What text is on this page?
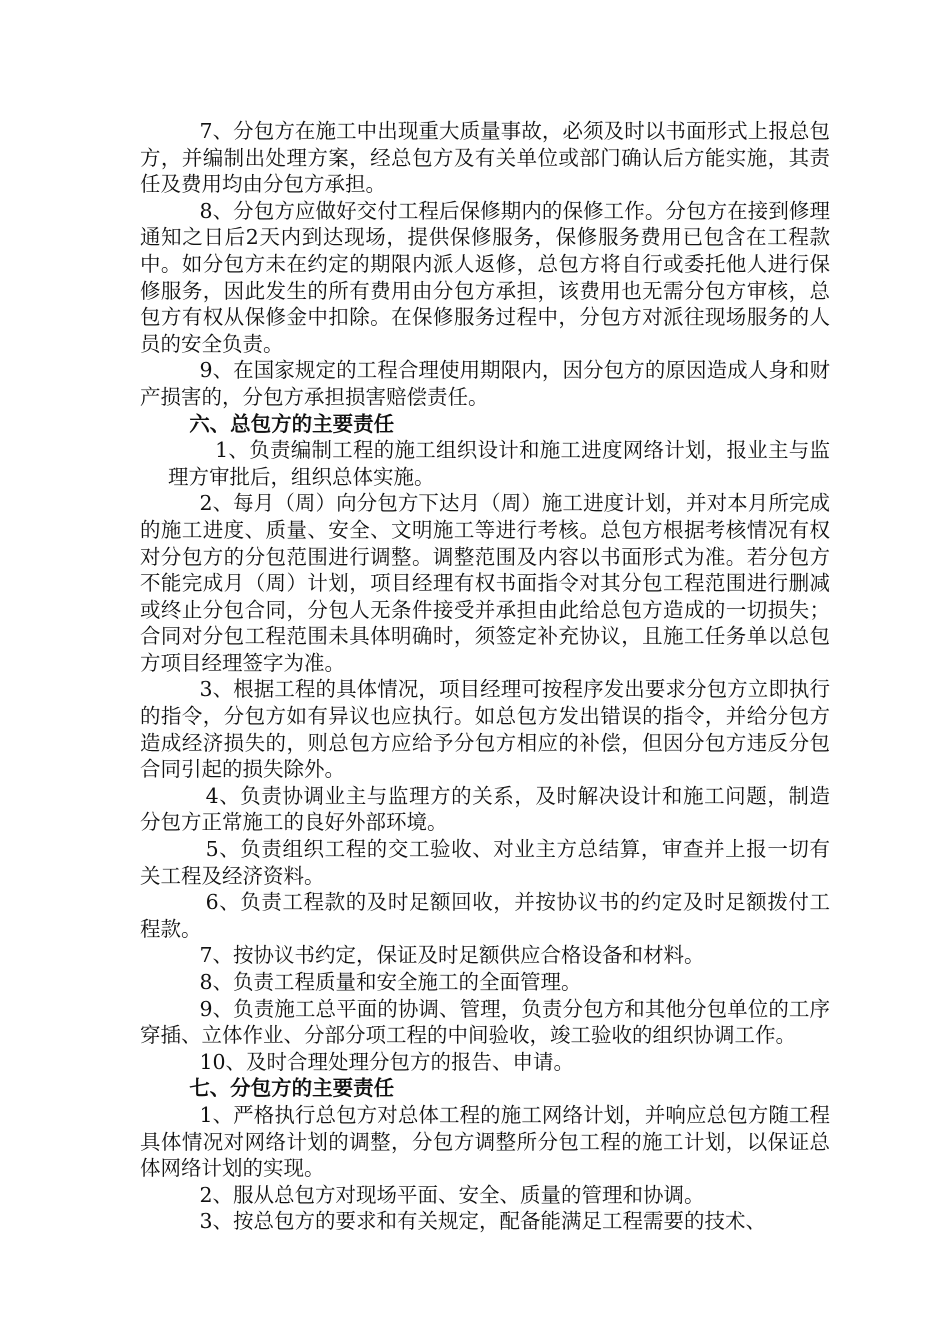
7、分包方在施工中出现重大质量事故，必须及时以书面形式上报总包方，并编制出处理方案，经总包方及有关单位或部门确认后方能实施，其责任及费用均由分包方承担。

8、分包方应做好交付工程后保修期内的保修工作。分包方在接到修理通知之日后2天内到达现场，提供保修服务，保修服务费用已包含在工程款中。如分包方未在约定的期限内派人返修，总包方将自行或委托他人进行保修服务，因此发生的所有费用由分包方承担，该费用也无需分包方审核，总包方有权从保修金中扣除。在保修服务过程中，分包方对派往现场服务的人员的安全负责。

9、在国家规定的工程合理使用期限内，因分包方的原因造成人身和财产损害的，分包方承担损害赔偿责任。

六、总包方的主要责任

1、负责编制工程的施工组织设计和施工进度网络计划，报业主与监理方审批后，组织总体实施。

2、每月（周）向分包方下达月（周）施工进度计划，并对本月所完成的施工进度、质量、安全、文明施工等进行考核。总包方根据考核情况有权对分包方的分包范围进行调整。调整范围及内容以书面形式为准。若分包方不能完成月（周）计划，项目经理有权书面指令对其分包工程范围进行删减或终止分包合同，分包人无条件接受并承担由此给总包方造成的一切损失；合同对分包工程范围未具体明确时，须签定补充协议，且施工任务单以总包方项目经理签字为准。

3、根据工程的具体情况，项目经理可按程序发出要求分包方立即执行的指令，分包方如有异议也应执行。如总包方发出错误的指令，并给分包方造成经济损失的，则总包方应给予分包方相应的补偿，但因分包方违反分包合同引起的损失除外。

4、负责协调业主与监理方的关系，及时解决设计和施工问题，制造分包方正常施工的良好外部环境。

5、负责组织工程的交工验收、对业主方总结算，审查并上报一切有关工程及经济资料。

6、负责工程款的及时足额回收，并按协议书的约定及时足额拨付工程款。

7、按协议书约定，保证及时足额供应合格设备和材料。

8、负责工程质量和安全施工的全面管理。

9、负责施工总平面的协调、管理，负责分包方和其他分包单位的工序穿插、立体作业、分部分项工程的中间验收，竣工验收的组织协调工作。

10、及时合理处理分包方的报告、申请。

七、分包方的主要责任

1、严格执行总包方对总体工程的施工网络计划，并响应总包方随工程具体情况对网络计划的调整，分包方调整所分包工程的施工计划，以保证总体网络计划的实现。

2、服从总包方对现场平面、安全、质量的管理和协调。

3、按总包方的要求和有关规定，配备能满足工程需要的技术、
